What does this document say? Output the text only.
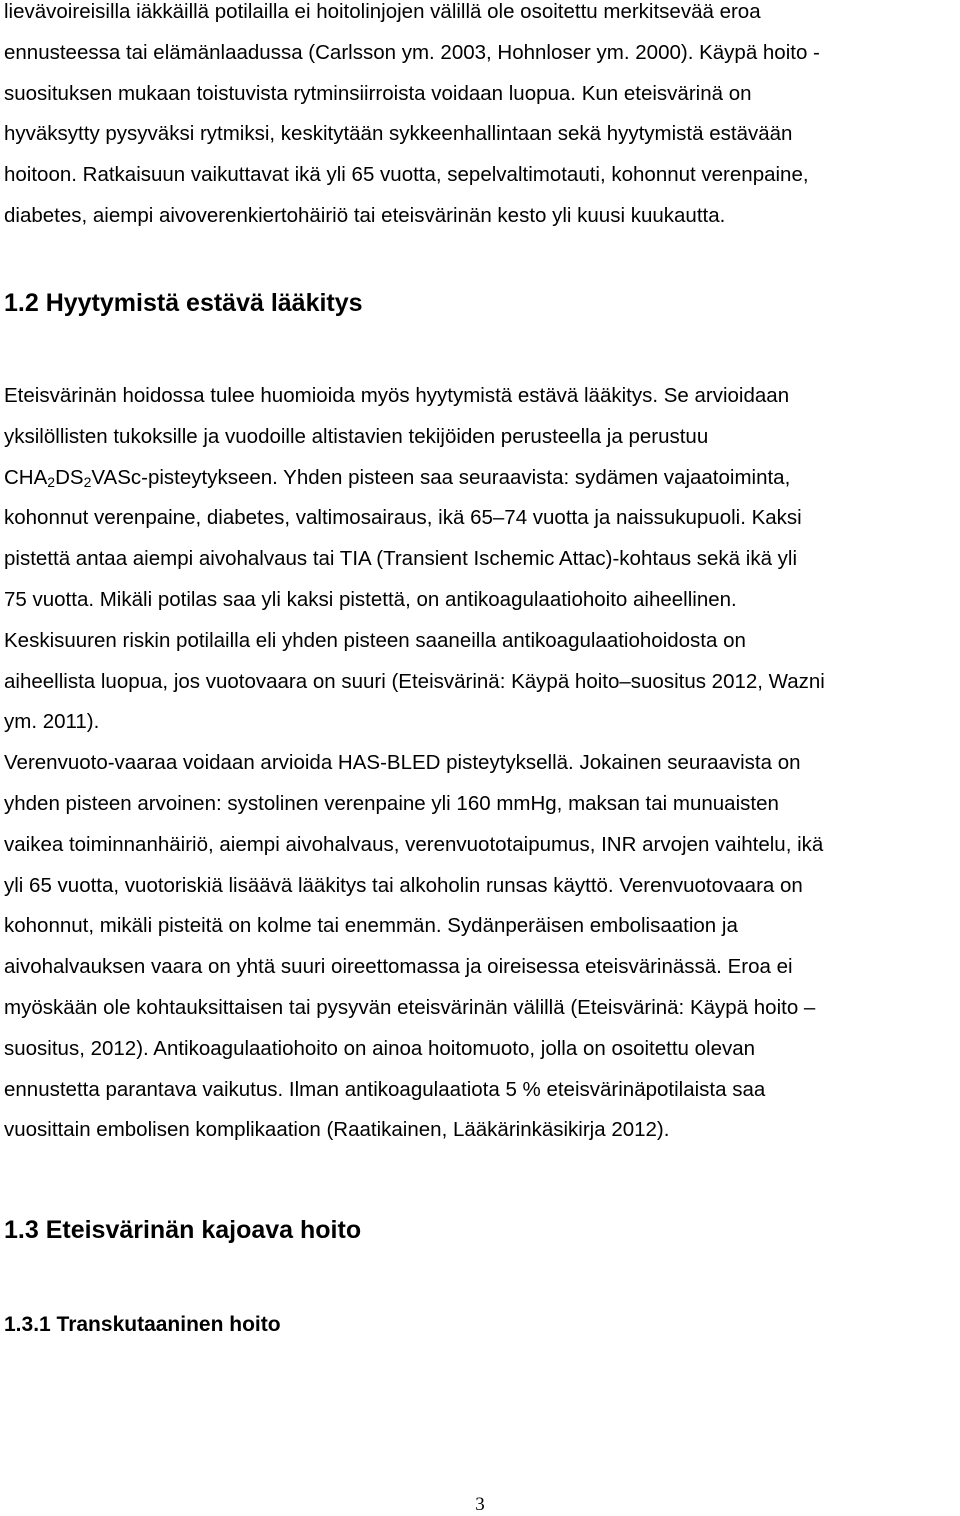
lievävoireisilla iäkkäillä potilailla ei hoitolinjojen välillä ole osoitettu merkitsevää eroa
ennusteessa tai elämänlaadussa (Carlsson ym. 2003, Hohnloser ym. 2000). Käypä hoito -
suosituksen mukaan toistuvista rytminsiirroista voidaan luopua. Kun eteisvärinä on
hyväksytty pysyväksi rytmiksi, keskitytään sykkeenhallintaan sekä hyytymistä estävään
hoitoon. Ratkaisuun vaikuttavat ikä yli 65 vuotta, sepelvaltimotauti, kohonnut verenpaine,
diabetes, aiempi aivoverenkiertohäiriö tai eteisvärinän kesto yli kuusi kuukautta.
1.2 Hyytymistä estävä lääkitys
Eteisvärinän hoidossa tulee huomioida myös hyytymistä estävä lääkitys. Se arvioidaan
yksilöllisten tukoksille ja vuodoille altistavien tekijöiden perusteella ja perustuu
$CHA_2DS_2VASc$-pisteytykseen. Yhden pisteen saa seuraavista: sydämen vajaatoiminta,
kohonnut verenpaine, diabetes, valtimosairaus, ikä 65–74 vuotta ja naissukupuoli. Kaksi
pistettä antaa aiempi aivohalvaus tai TIA (Transient Ischemic Attac)-kohtaus sekä ikä yli
75 vuotta. Mikäli potilas saa yli kaksi pistettä, on antikoagulaatiohoito aiheellinen.
Keskisuuren riskin potilailla eli yhden pisteen saaneilla antikoagulaatiohoidosta on
aiheellista luopua, jos vuotovaara on suuri (Eteisvärinä: Käypä hoito–suositus 2012, Wazni
ym. 2011).
Verenvuoto-vaaraa voidaan arvioida HAS-BLED pisteytyksellä. Jokainen seuraavista on
yhden pisteen arvoinen: systolinen verenpaine yli 160 mmHg, maksan tai munuaisten
vaikea toiminnanhäiriö, aiempi aivohalvaus, verenvuototaipumus, INR arvojen vaihtelu, ikä
yli 65 vuotta, vuotoriskiä lisäävä lääkitys tai alkoholin runsas käyttö. Verenvuotovaara on
kohonnut, mikäli pisteitä on kolme tai enemmän. Sydänperäisen embolisaation ja
aivohalvauksen vaara on yhtä suuri oireettomassa ja oireisessa eteisvärinässä. Eroa ei
myöskään ole kohtauksittaisen tai pysyvän eteisvärinän välillä (Eteisvärinä: Käypä hoito –
suositus, 2012). Antikoagulaatiohoito on ainoa hoitomuoto, jolla on osoitettu olevan
ennustetta parantava vaikutus. Ilman antikoagulaatiota 5 % eteisvärinäpotilaista saa
vuosittain embolisen komplikaation (Raatikainen, Lääkärinkäsikirja 2012).
1.3 Eteisvärinän kajoava hoito
1.3.1 Transkutaaninen hoito
3
